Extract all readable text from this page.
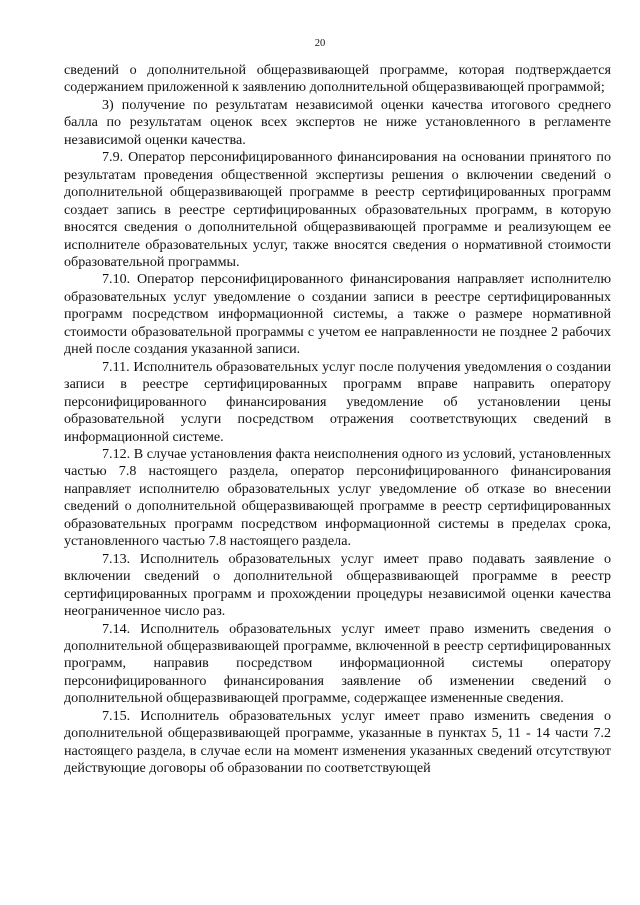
20

сведений о дополнительной общеразвивающей программе, которая подтверждается содержанием приложенной к заявлению дополнительной общеразвивающей программой;

3) получение по результатам независимой оценки качества итогового среднего балла по результатам оценок всех экспертов не ниже установленного в регламенте независимой оценки качества.

7.9. Оператор персонифицированного финансирования на основании принятого по результатам проведения общественной экспертизы решения о включении сведений о дополнительной общеразвивающей программе в реестр сертифицированных программ создает запись в реестре сертифицированных образовательных программ, в которую вносятся сведения о дополнительной общеразвивающей программе и реализующем ее исполнителе образовательных услуг, также вносятся сведения о нормативной стоимости образовательной программы.

7.10. Оператор персонифицированного финансирования направляет исполнителю образовательных услуг уведомление о создании записи в реестре сертифицированных программ посредством информационной системы, а также о размере нормативной стоимости образовательной программы с учетом ее направленности не позднее 2 рабочих дней после создания указанной записи.

7.11. Исполнитель образовательных услуг после получения уведомления о создании записи в реестре сертифицированных программ вправе направить оператору персонифицированного финансирования уведомление об установлении цены образовательной услуги посредством отражения соответствующих сведений в информационной системе.

7.12. В случае установления факта неисполнения одного из условий, установленных частью 7.8 настоящего раздела, оператор персонифицированного финансирования направляет исполнителю образовательных услуг уведомление об отказе во внесении сведений о дополнительной общеразвивающей программе в реестр сертифицированных образовательных программ посредством информационной системы в пределах срока, установленного частью 7.8 настоящего раздела.

7.13. Исполнитель образовательных услуг имеет право подавать заявление о включении сведений о дополнительной общеразвивающей программе в реестр сертифицированных программ и прохождении процедуры независимой оценки качества неограниченное число раз.

7.14. Исполнитель образовательных услуг имеет право изменить сведения о дополнительной общеразвивающей программе, включенной в реестр сертифицированных программ, направив посредством информационной системы оператору персонифицированного финансирования заявление об изменении сведений о дополнительной общеразвивающей программе, содержащее измененные сведения.

7.15. Исполнитель образовательных услуг имеет право изменить сведения о дополнительной общеразвивающей программе, указанные в пунктах 5, 11 - 14 части 7.2 настоящего раздела, в случае если на момент изменения указанных сведений отсутствуют действующие договоры об образовании по соответствующей
